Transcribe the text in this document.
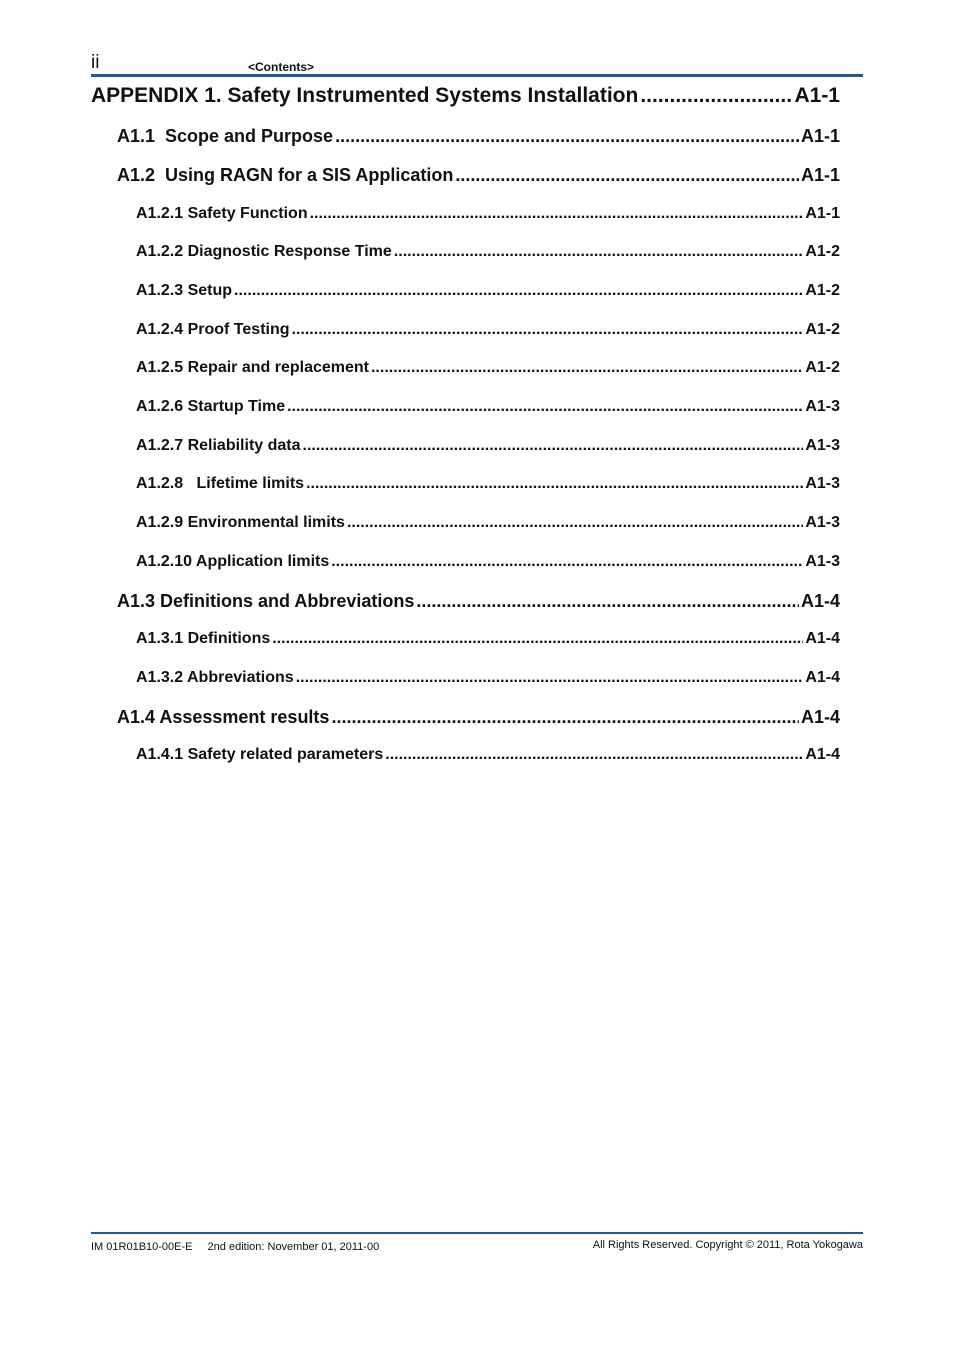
ii	<Contents>
APPENDIX 1. Safety Instrumented Systems Installation .....	A1-1
A1.1  Scope and Purpose .....	A1-1
A1.2  Using RAGN for a SIS Application .....	A1-1
A1.2.1 Safety Function .....	A1-1
A1.2.2 Diagnostic Response Time .....	A1-2
A1.2.3 Setup .....	A1-2
A1.2.4 Proof Testing .....	A1-2
A1.2.5 Repair and replacement .....	A1-2
A1.2.6 Startup Time .....	A1-3
A1.2.7 Reliability data .....	A1-3
A1.2.8   Lifetime limits .....	A1-3
A1.2.9 Environmental limits .....	A1-3
A1.2.10 Application limits .....	A1-3
A1.3 Definitions and Abbreviations .....	A1-4
A1.3.1 Definitions .....	A1-4
A1.3.2 Abbreviations .....	A1-4
A1.4 Assessment results .....	A1-4
A1.4.1 Safety related parameters .....	A1-4
IM 01R01B10-00E-E 2nd edition: November 01, 2011-00	All Rights Reserved. Copyright © 2011, Rota Yokogawa
